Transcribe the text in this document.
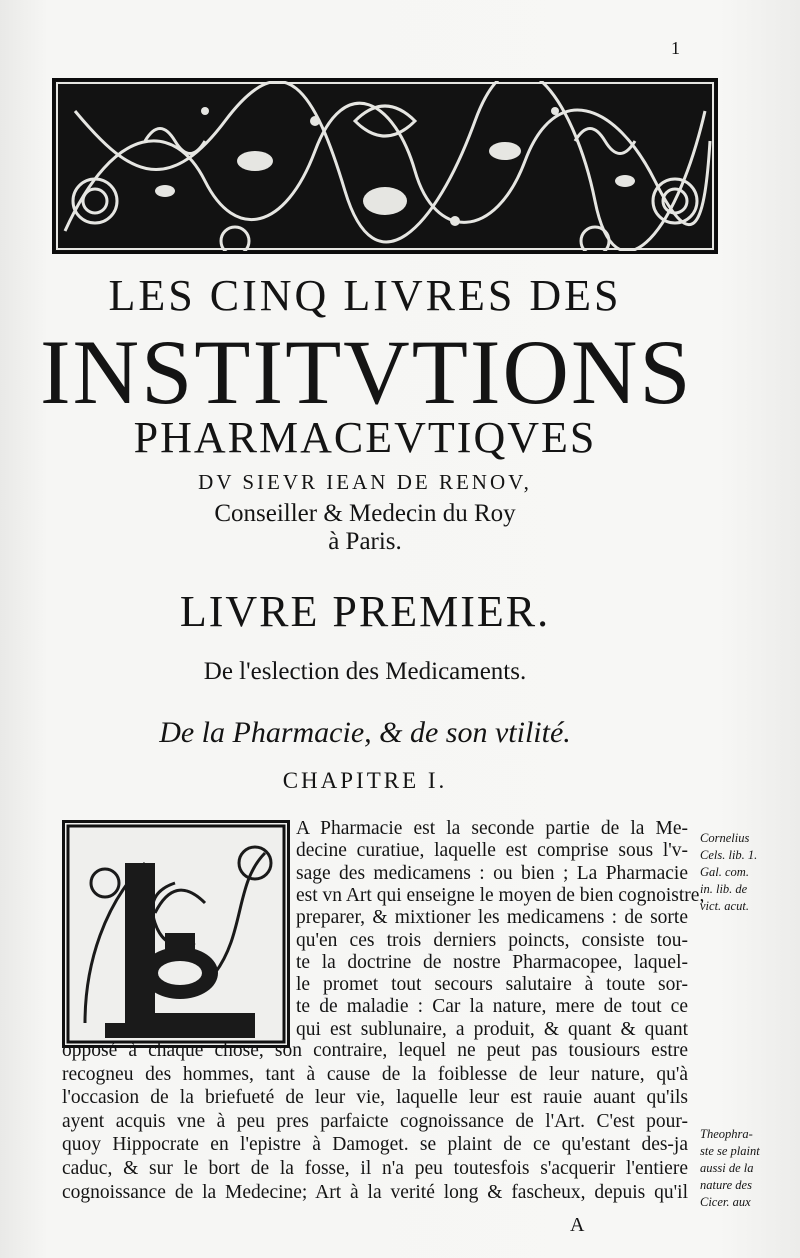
1
LES CINQ LIVRES DES
INSTITVTIONS
PHARMACEVTIQVES
DV SIEVR IEAN DE RENOV,
Conseiller & Medecin du Roy
à Paris.
LIVRE PREMIER.
De l'eslection des Medicaments.
De la Pharmacie, & de son vtilité.
CHAPITRE I.
A Pharmacie est la seconde partie de la Me-
decine curatiue, laquelle est comprise sous l'v-
sage des medicamens : ou bien ; La Pharmacie
est vn Art qui enseigne le moyen de bien cognoistre,
preparer, & mixtioner les medicamens : de sorte
qu'en ces trois derniers poincts, consiste tou-
te la doctrine de nostre Pharmacopee, laquel-
le promet tout secours salutaire à toute sor-
te de maladie : Car la nature, mere de tout ce
qui est sublunaire, a produit, & quant & quant
opposé à chaque chose, son contraire, lequel ne peut pas tousiours estre
recogneu des hommes, tant à cause de la foiblesse de leur nature, qu'à
l'occasion de la briefueté de leur vie, laquelle leur est rauie auant qu'ils
ayent acquis vne à peu pres parfaicte cognoissance de l'Art. C'est pour-
quoy Hippocrate en l'epistre à Damoget. se plaint de ce qu'estant des-ja
caduc, & sur le bort de la fosse, il n'a peu toutesfois s'acquerir l'entiere
cognoissance de la Medecine; Art à la verité long & fascheux, depuis qu'il
Cornelius
Cels. lib. 1.
Gal. com.
in. lib. de
vict. acut.
Theophra-
ste se plaint
aussi de la
nature des
Cicer. aux
A
